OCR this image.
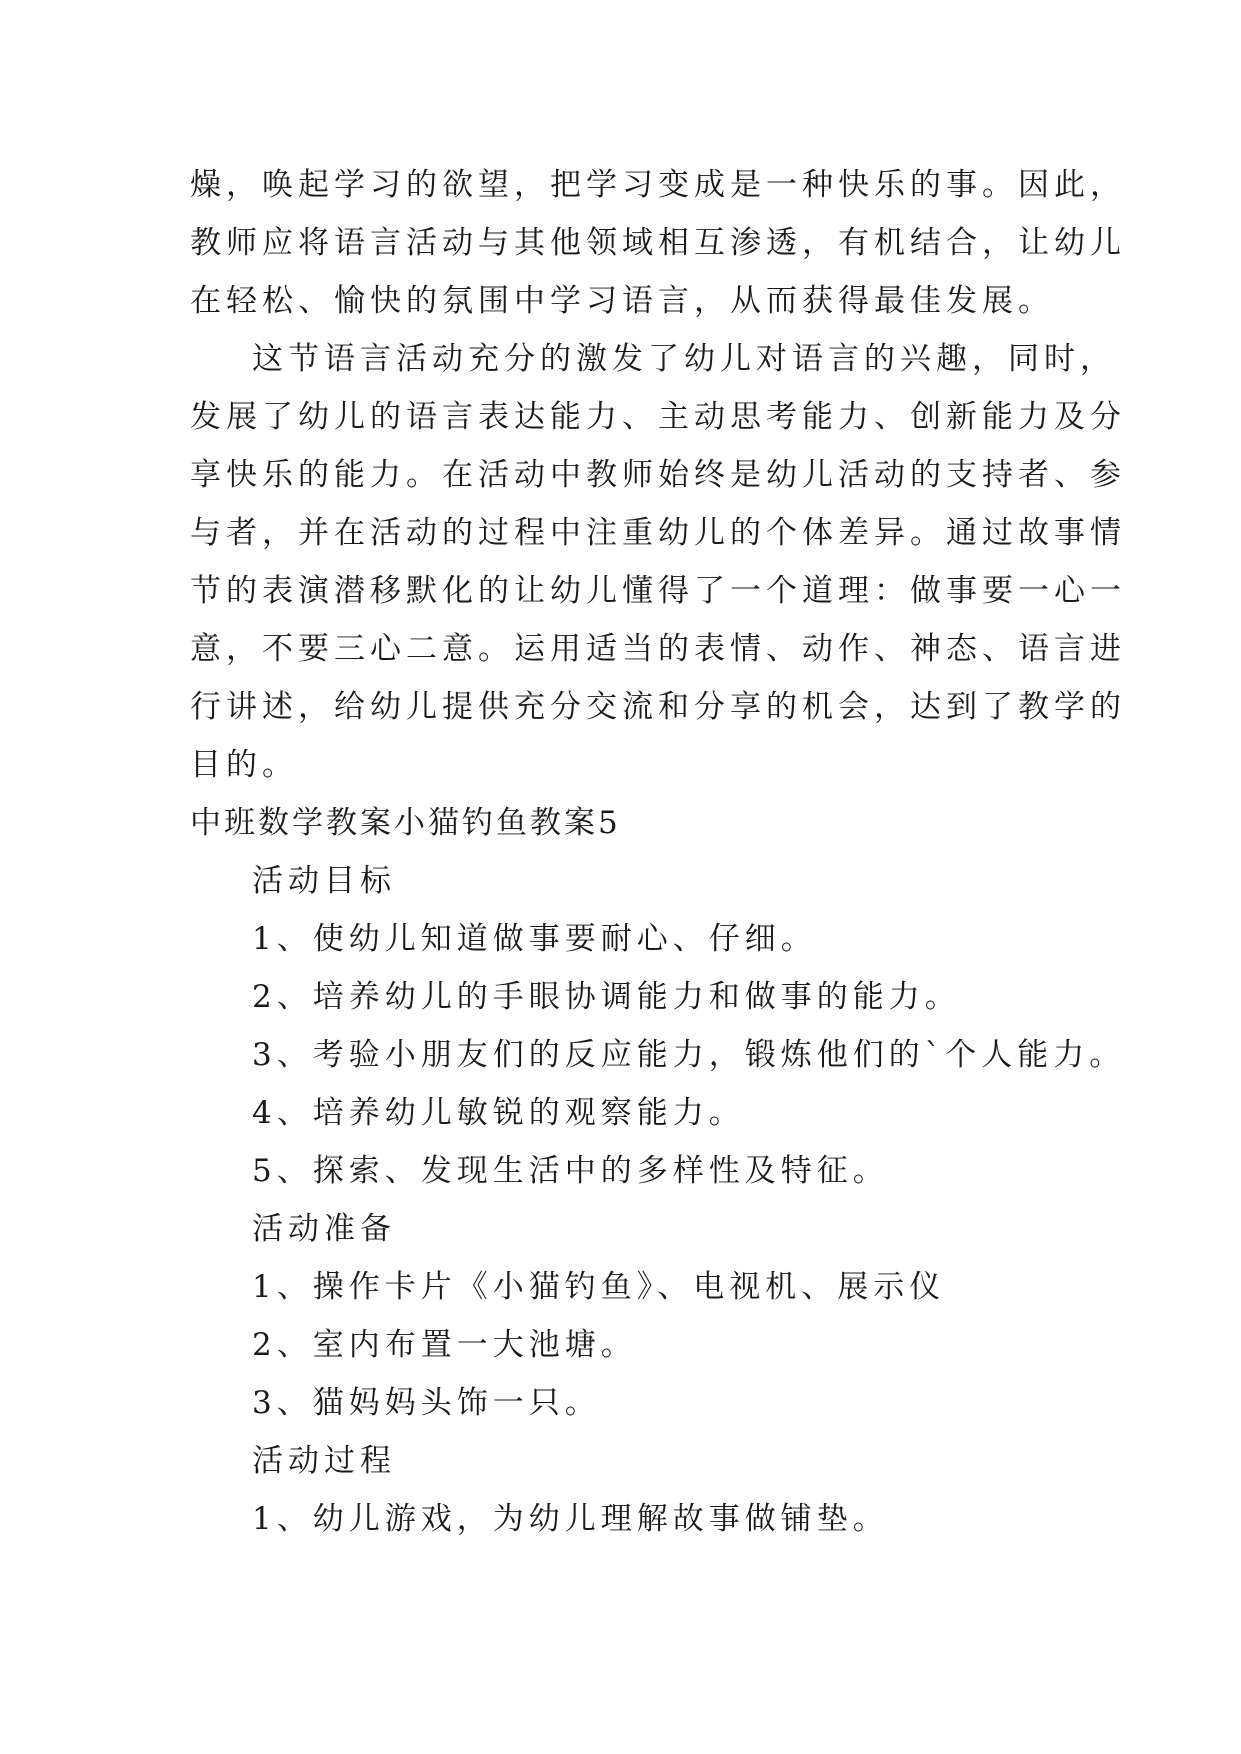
燥，唤起学习的欲望，把学习变成是一种快乐的事。因此，
教师应将语言活动与其他领域相互渗透，有机结合，让幼儿
在轻松、愉快的氛围中学习语言，从而获得最佳发展。
这节语言活动充分的激发了幼儿对语言的兴趣，同时，
发展了幼儿的语言表达能力、主动思考能力、创新能力及分
享快乐的能力。在活动中教师始终是幼儿活动的支持者、参
与者，并在活动的过程中注重幼儿的个体差异。通过故事情
节的表演潜移默化的让幼儿懂得了一个道理：做事要一心一
意，不要三心二意。运用适当的表情、动作、神态、语言进
行讲述，给幼儿提供充分交流和分享的机会，达到了教学的
目的。
中班数学教案小猫钓鱼教案5
活动目标
1、使幼儿知道做事要耐心、仔细。
2、培养幼儿的手眼协调能力和做事的能力。
3、考验小朋友们的反应能力，锻炼他们的`个人能力。
4、培养幼儿敏锐的观察能力。
5、探索、发现生活中的多样性及特征。
活动准备
1、操作卡片《小猫钓鱼》、电视机、展示仪
2、室内布置一大池塘。
3、猫妈妈头饰一只。
活动过程
1、幼儿游戏，为幼儿理解故事做铺垫。
